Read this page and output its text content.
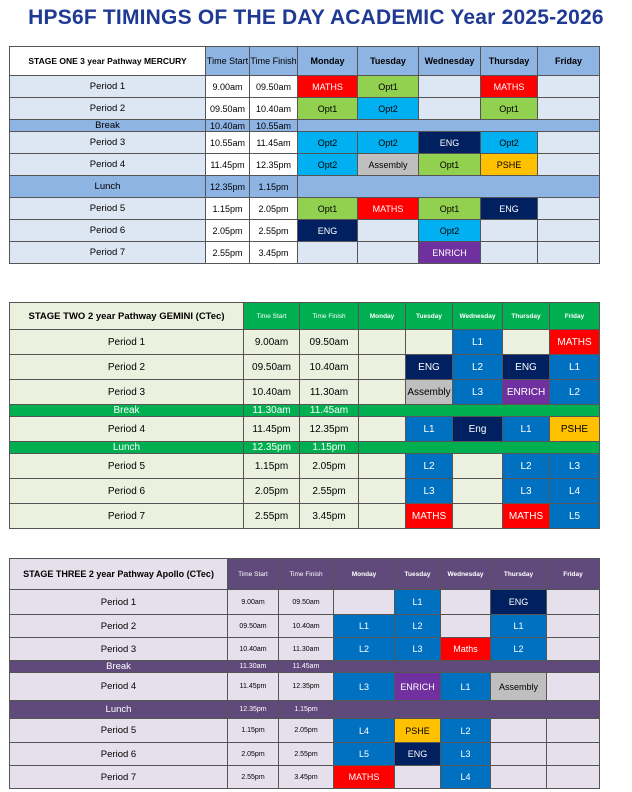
HPS6F TIMINGS OF THE DAY ACADEMIC Year 2025-2026
STAGE ONE 3 year Pathway MERCURY	Time Start	Time Finish	Monday	Tuesday	Wednesday	Thursday	Friday
Period 1	9.00am	09.50am	MATHS	Opt1		MATHS	
Period 2	09.50am	10.40am	Opt1	Opt2		Opt1	
Break	10.40am	10.55am					
Period 3	10.55am	11.45am	Opt2	Opt2	ENG	Opt2	
Period 4	11.45pm	12.35pm	Opt2	Assembly	Opt1	PSHE	
Lunch	12.35pm	1.15pm					
Period 5	1.15pm	2.05pm	Opt1	MATHS	Opt1	ENG	
Period 6	2.05pm	2.55pm	ENG		Opt2		
Period 7	2.55pm	3.45pm			ENRICH		
STAGE TWO 2 year Pathway GEMINI (CTec)	Time Start	Time Finish	Monday	Tuesday	Wednesday	Thursday	Friday
Period 1	9.00am	09.50am			L1		MATHS
Period 2	09.50am	10.40am		ENG	L2	ENG	L1
Period 3	10.40am	11.30am		Assembly	L3	ENRICH	L2
Break	11.30am	11.45am					
Period 4	11.45pm	12.35pm		L1	Eng	L1	PSHE
Lunch	12.35pm	1.15pm					
Period 5	1.15pm	2.05pm		L2		L2	L3
Period 6	2.05pm	2.55pm		L3		L3	L4
Period 7	2.55pm	3.45pm		MATHS		MATHS	L5
STAGE THREE 2 year Pathway Apollo (CTec)	Time Start	Time Finish	Monday	Tuesday	Wednesday	Thursday	Friday
Period 1	9.00am	09.50am		L1		ENG	
Period 2	09.50am	10.40am	L1	L2		L1	
Period 3	10.40am	11.30am	L2	L3	Maths	L2	
Break	11.30am	11.45am					
Period 4	11.45pm	12.35pm	L3	ENRICH	L1	Assembly	
Lunch	12.35pm	1.15pm					
Period 5	1.15pm	2.05pm	L4	PSHE	L2		
Period 6	2.05pm	2.55pm	L5	ENG	L3		
Period 7	2.55pm	3.45pm	MATHS		L4		
